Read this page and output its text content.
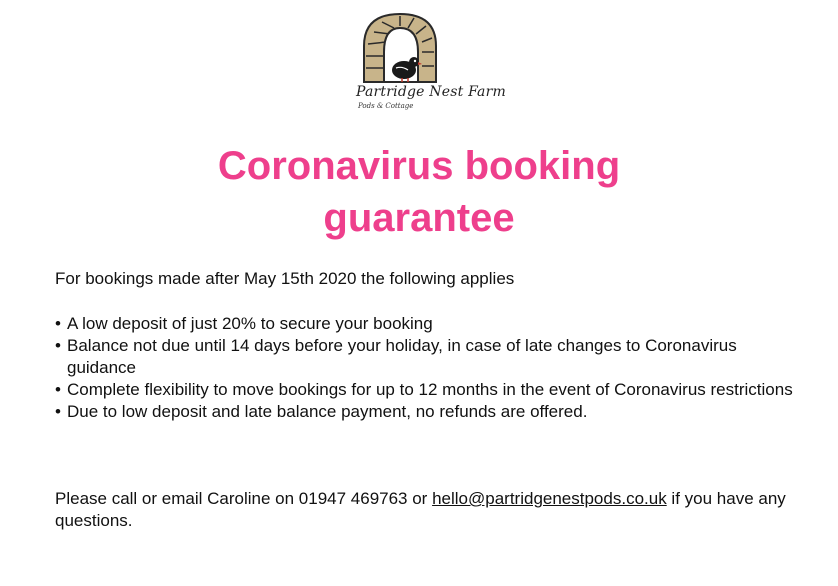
Partridge Nest Farm
Pods & Cottage
Coronavirus booking
guarantee

For bookings made after May 15th 2020 the following applies

• A low deposit of just 20% to secure your booking
• Balance not due until 14 days before your holiday, in case of late changes to Coronavirus guidance
• Complete flexibility to move bookings for up to 12 months in the event of Coronavirus restrictions
• Due to low deposit and late balance payment, no refunds are offered.

Please call or email Caroline on 01947 469763 or hello@partridgenestpods.co.uk if you have any questions.
